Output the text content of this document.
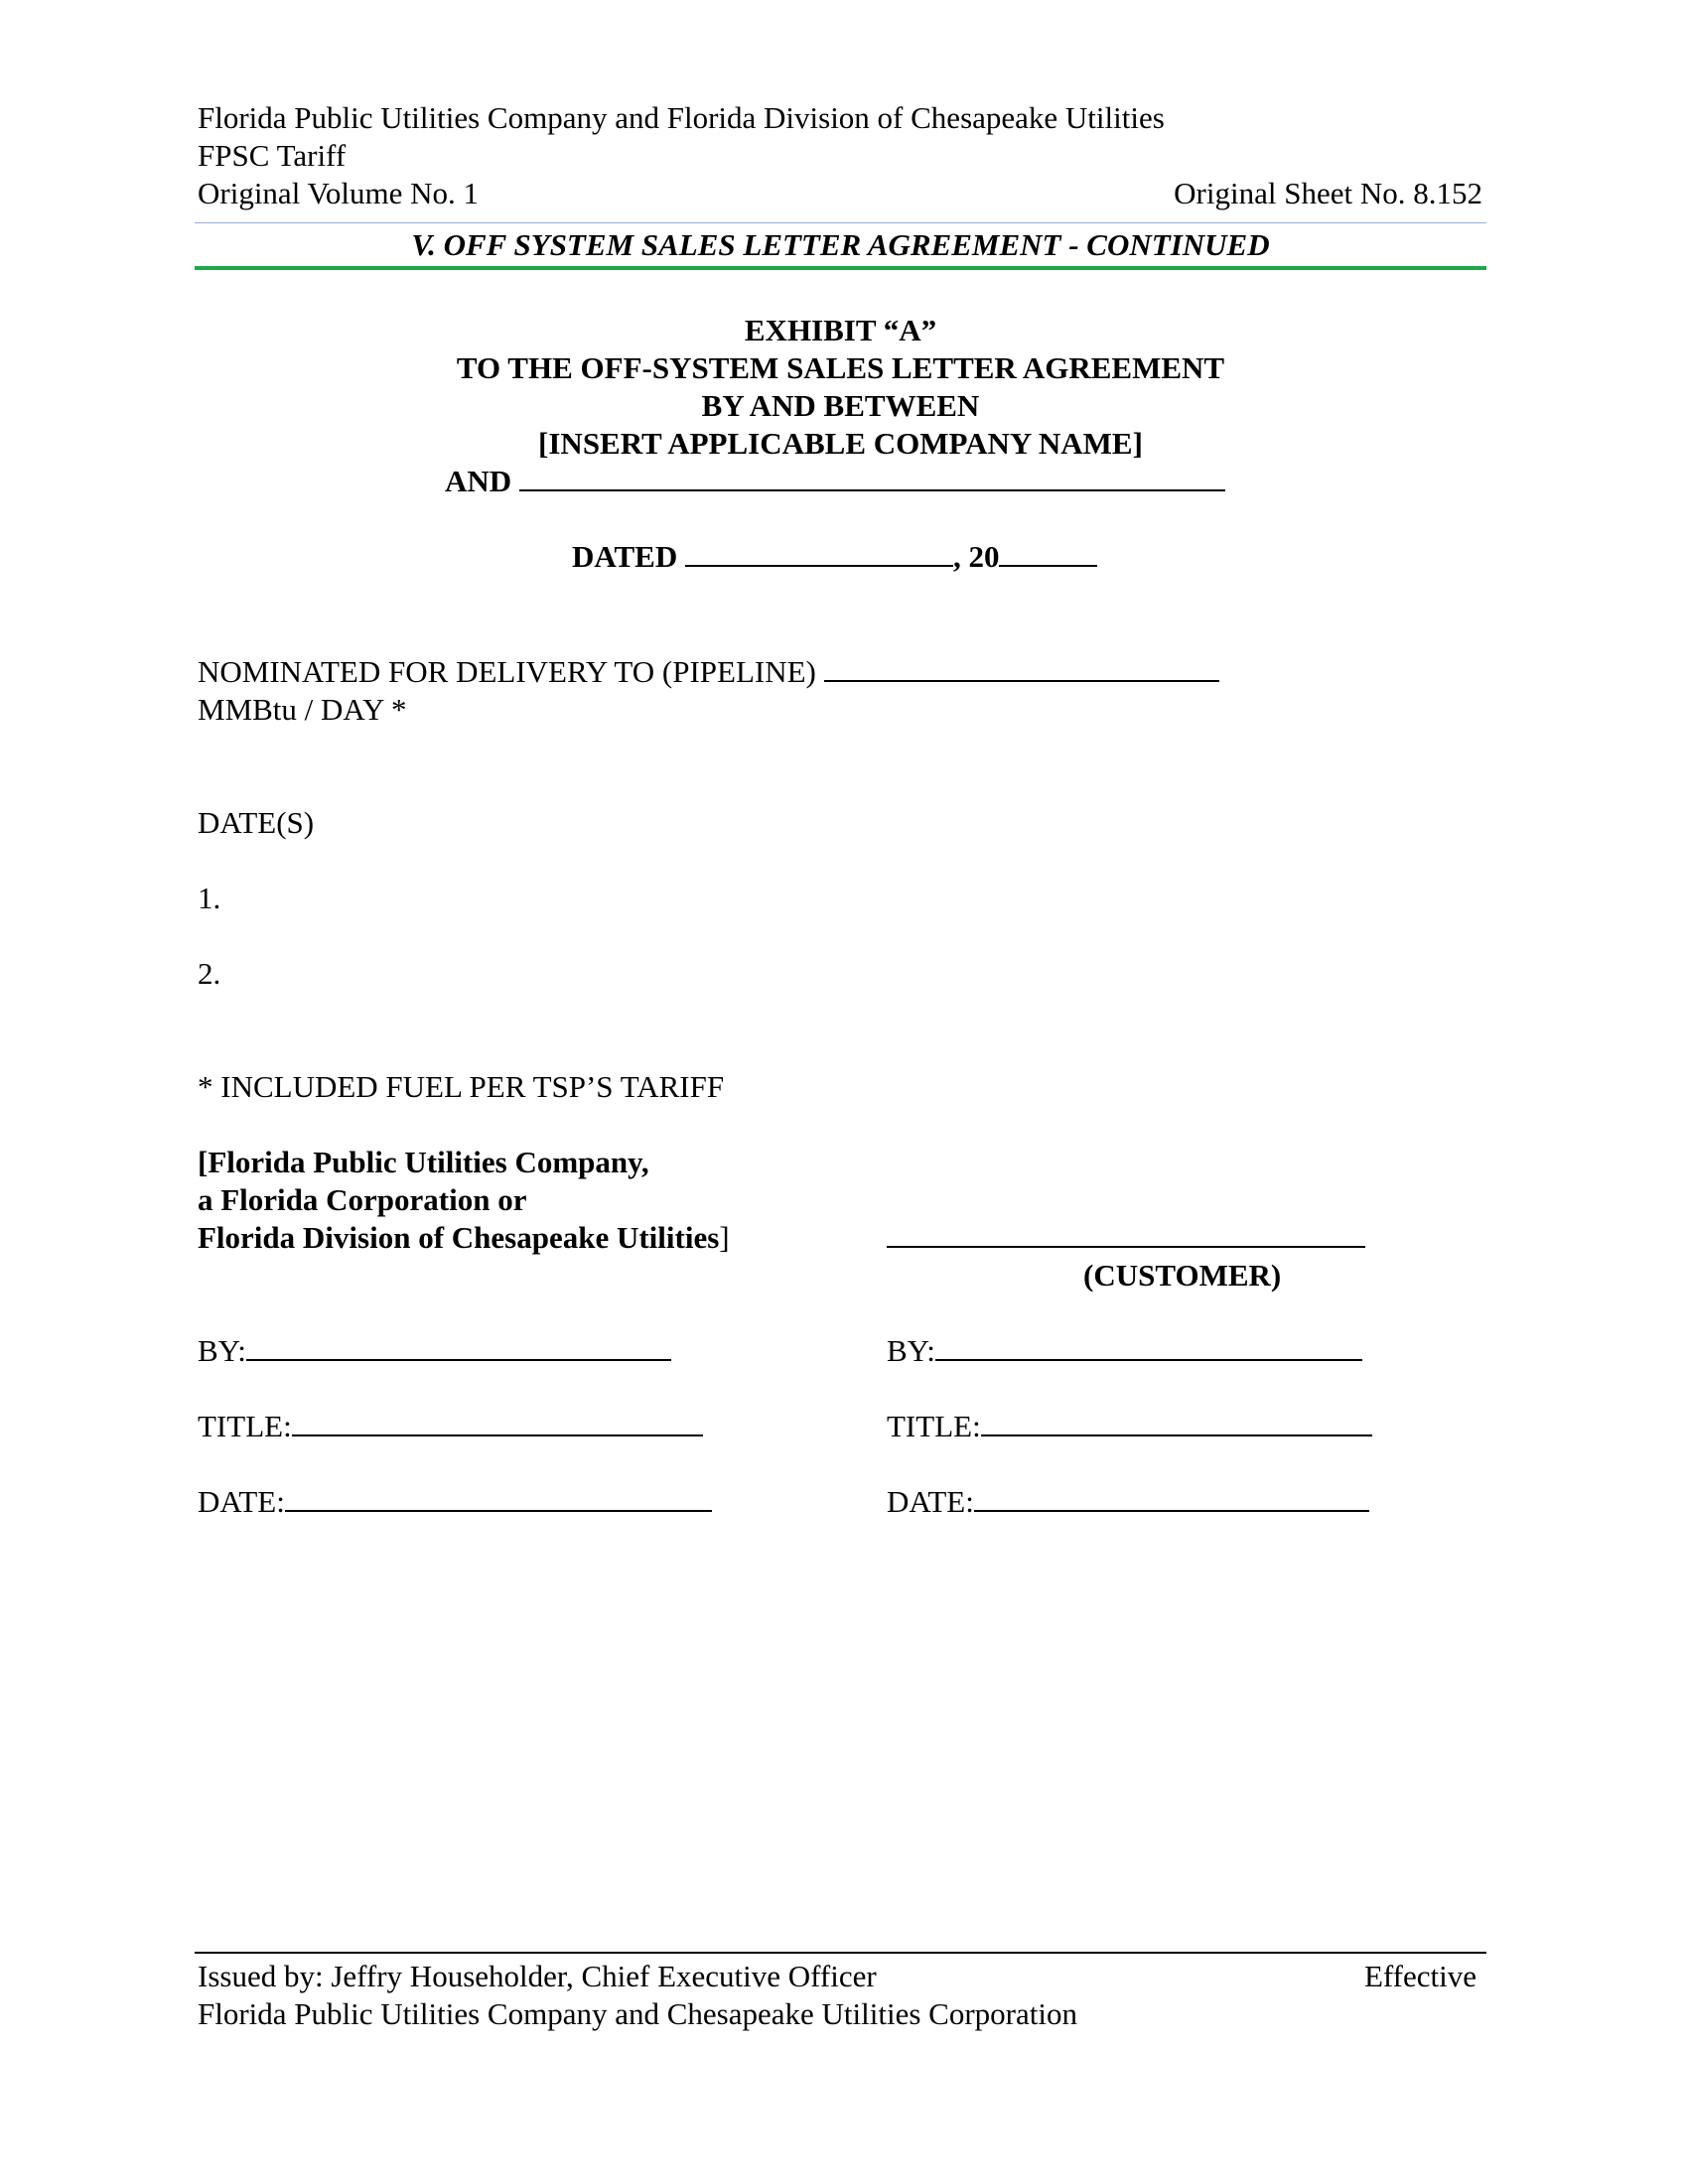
Florida Public Utilities Company and Florida Division of Chesapeake Utilities
FPSC Tariff
Original Volume No. 1	Original Sheet No. 8.152
V. OFF SYSTEM SALES LETTER AGREEMENT - CONTINUED
EXHIBIT “A”
TO THE OFF-SYSTEM SALES LETTER AGREEMENT
BY AND BETWEEN
[INSERT APPLICABLE COMPANY NAME]
AND
DATED	, 20
NOMINATED FOR DELIVERY TO (PIPELINE)
MMBtu / DAY *
DATE(S)
1.
2.
* INCLUDED FUEL PER TSP’S TARIFF
[Florida Public Utilities Company,
a Florida Corporation or
Florida Division of Chesapeake Utilities]
(CUSTOMER)
BY:	BY:
TITLE:	TITLE:
DATE:	DATE:
Issued by: Jeffry Householder, Chief Executive Officer	Effective
Florida Public Utilities Company and Chesapeake Utilities Corporation
